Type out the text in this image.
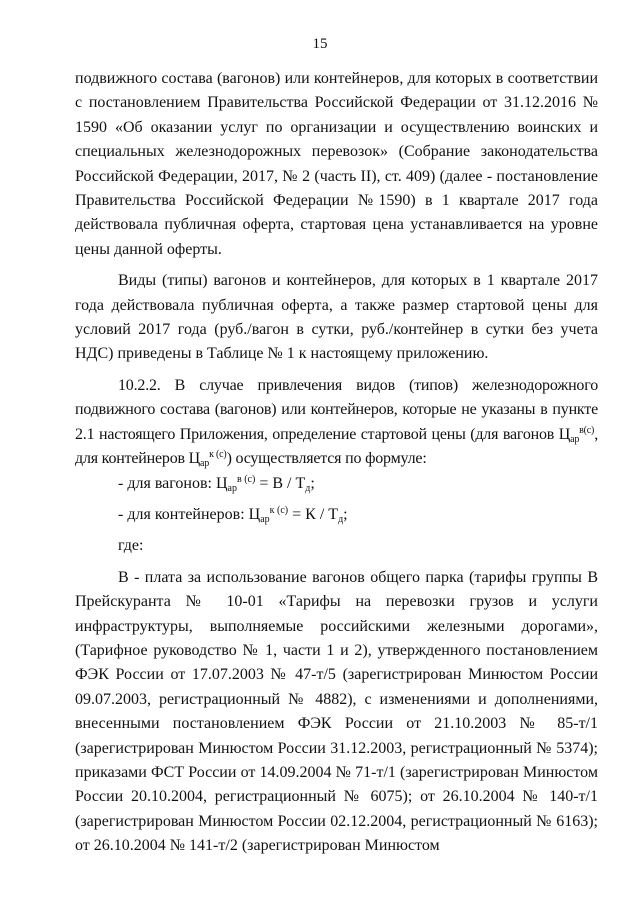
15

подвижного состава (вагонов) или контейнеров, для которых в соответствии с постановлением Правительства Российской Федерации от 31.12.2016 № 1590 «Об оказании услуг по организации и осуществлению воинских и специальных железнодорожных перевозок» (Собрание законодательства Российской Федерации, 2017, № 2 (часть II), ст. 409) (далее - постановление Правительства Российской Федерации №1590) в 1 квартале 2017 года действовала публичная оферта, стартовая цена устанавливается на уровне цены данной оферты.

Виды (типы) вагонов и контейнеров, для которых в 1 квартале 2017 года действовала публичная оферта, а также размер стартовой цены для условий 2017 года (руб./вагон в сутки, руб./контейнер в сутки без учета НДС) приведены в Таблице № 1 к настоящему приложению.

10.2.2. В случае привлечения видов (типов) железнодорожного подвижного состава (вагонов) или контейнеров, которые не указаны в пункте 2.1 настоящего Приложения, определение стартовой цены (для вагонов $Ц_{ар}^{в(с)}$, для контейнеров $Ц_{ар}^{к (с)}$) осуществляется по формуле:

- для вагонов: $Ц_{ар}^{в (с)} = В / Т_д$;

- для контейнеров: $Ц_{ар}^{к (с)} = К / Т_д$;

где:

В - плата за использование вагонов общего парка (тарифы группы В Прейскуранта № 10-01 «Тарифы на перевозки грузов и услуги инфраструктуры, выполняемые российскими железными дорогами», (Тарифное руководство № 1, части 1 и 2), утвержденного постановлением ФЭК России от 17.07.2003 № 47-т/5 (зарегистрирован Минюстом России 09.07.2003, регистрационный № 4882), с изменениями и дополнениями, внесенными постановлением ФЭК России от 21.10.2003 № 85-т/1 (зарегистрирован Минюстом России 31.12.2003, регистрационный № 5374); приказами ФСТ России от 14.09.2004 № 71-т/1 (зарегистрирован Минюстом России 20.10.2004, регистрационный № 6075); от 26.10.2004 № 140-т/1 (зарегистрирован Минюстом России 02.12.2004, регистрационный № 6163); от 26.10.2004 № 141-т/2 (зарегистрирован Минюстом
